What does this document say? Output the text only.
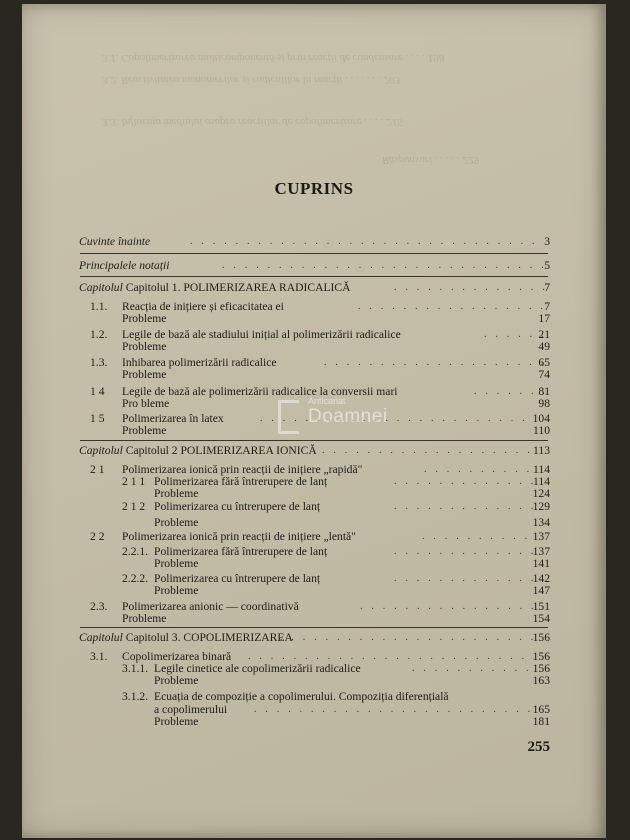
3.1. Copolimerizarea multicomponentă și prin reacții de condensare . . . . 198
3.2. Reactivitatea monomerilor și radicalilor în reacții . . . . . . . 203
3.3. Influența mediului asupra reacțiilor de copolimerizare . . . . 215
Răspunsuri . . . . . 229
CUPRINS
Cuvinte înainte . . .	3
Principalele notații . . .	5
Capitolul Capitolul 1. POLIMERIZAREA RADICALICĂ . . .	7
1.1. Reacția de inițiere și eficacitatea ei . . .	7
Probleme	17
1.2. Legile de bază ale stadiului inițial al polimerizării radicalice . . .	21
Probleme	49
1.3. Inhibarea polimerizării radicalice . . .	65
Probleme	74
1 4 Legile de bază ale polimerizării radicalice la conversii mari . . .	81
Pro bleme	98
1 5 Polimerizarea în latex . . .	104
Probleme	110
Capitolul Capitolul 2 POLIMERIZAREA IONICĂ . . .	113
2 1 Polimerizarea ionică prin reacții de inițiere „rapidă" . . .	114
2 1 1 Polimerizarea fără întrerupere de lanț . . .	114
Probleme	124
2 1 2 Polimerizarea cu întrerupere de lanț . . .	129
Probleme	134
2 2 Polimerizarea ionică prin reacții de inițiere „lentă" . . .	137
2.2.1. Polimerizarea fără întrerupere de lanț . . .	137
Probleme	141
2.2.2. Polimerizarea cu întrerupere de lanț . . .	142
Probleme	147
2.3. Polimerizarea anionic — coordinativă . . .	151
Probleme	154
Capitolul Capitolul 3. COPOLIMERIZAREA . . .	156
3.1. Copolimerizarea binară . . .	156
3.1.1. Legile cinetice ale copolimerizării radicalice . . .	156
Probleme	163
3.1.2. Ecuația de compoziție a copolimerului. Compoziția diferențială
a copolimerului . . .	165
Probleme	181
255
Anticariat
Doamnei
